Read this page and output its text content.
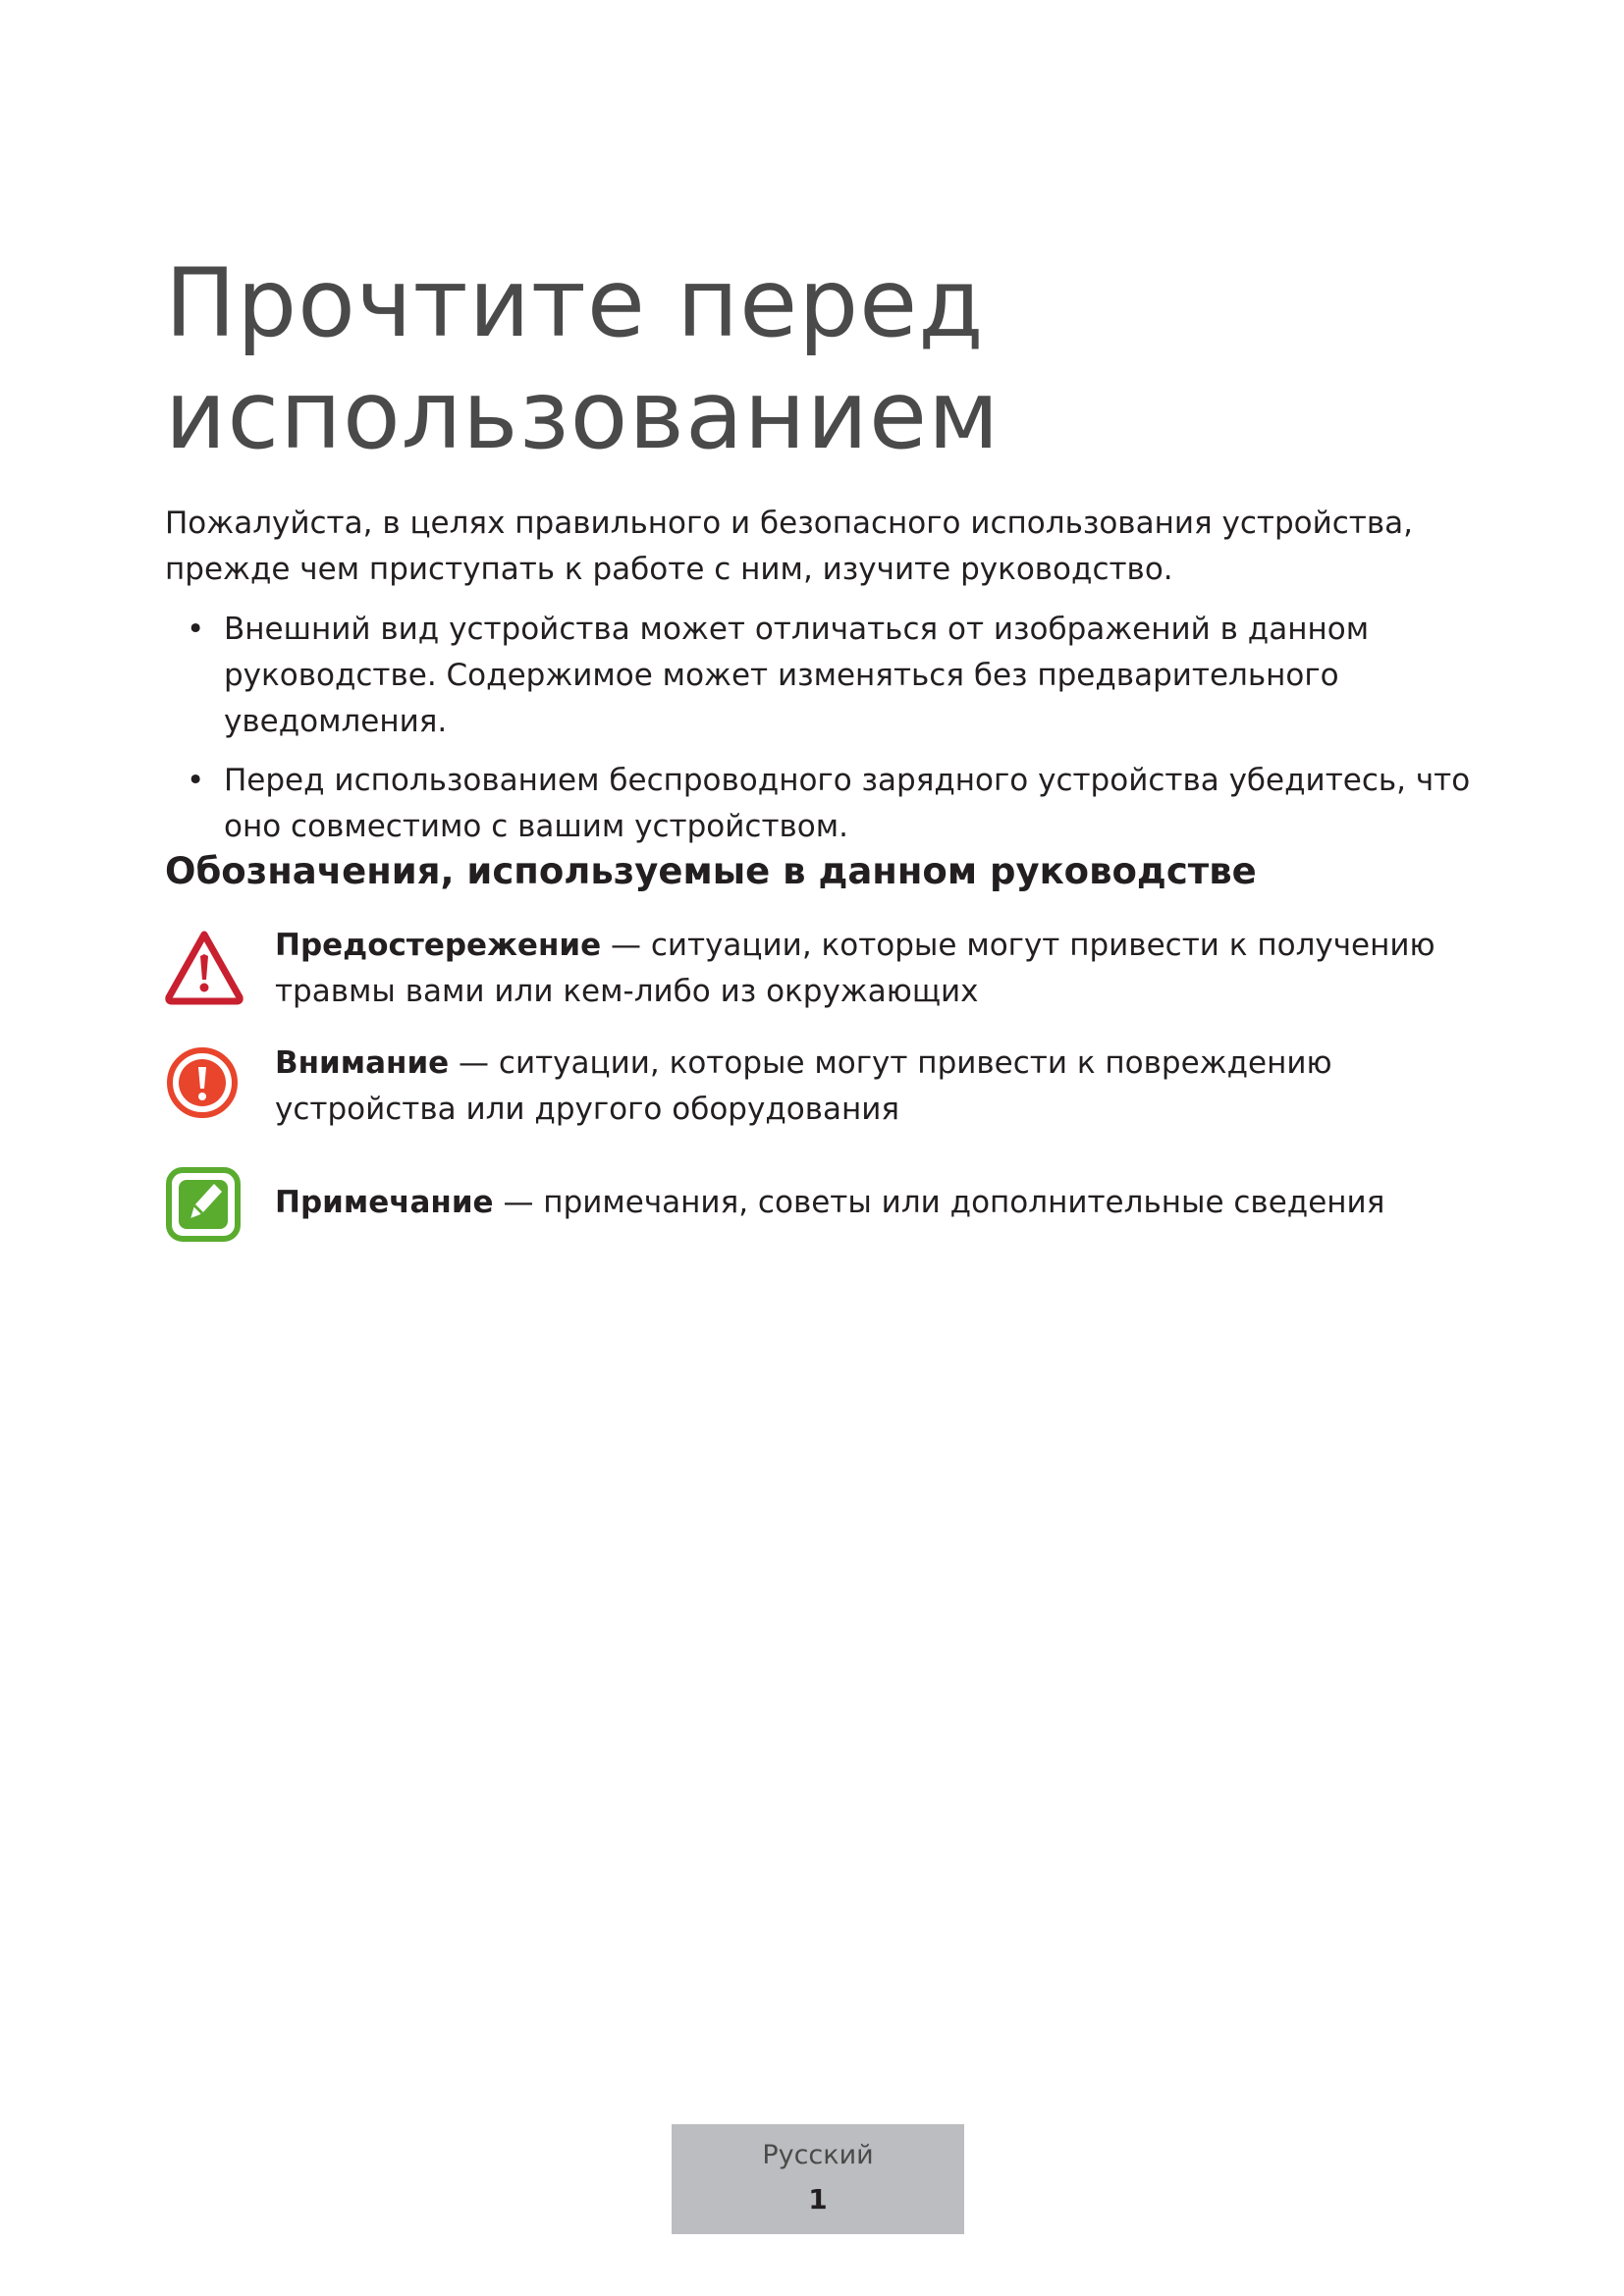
Прочтите перед
использованием

Пожалуйста, в целях правильного и безопасного использования устройства, прежде чем приступать к работе с ним, изучите руководство.

• Внешний вид устройства может отличаться от изображений в данном руководстве. Содержимое может изменяться без предварительного уведомления.
• Перед использованием беспроводного зарядного устройства убедитесь, что оно совместимо с вашим устройством.
Обозначения, используемые в данном руководстве

Предостережение — ситуации, которые могут привести к получению травмы вами или кем-либо из окружающих

Внимание — ситуации, которые могут привести к повреждению устройства или другого оборудования

Примечание — примечания, советы или дополнительные сведения

Русский
1
